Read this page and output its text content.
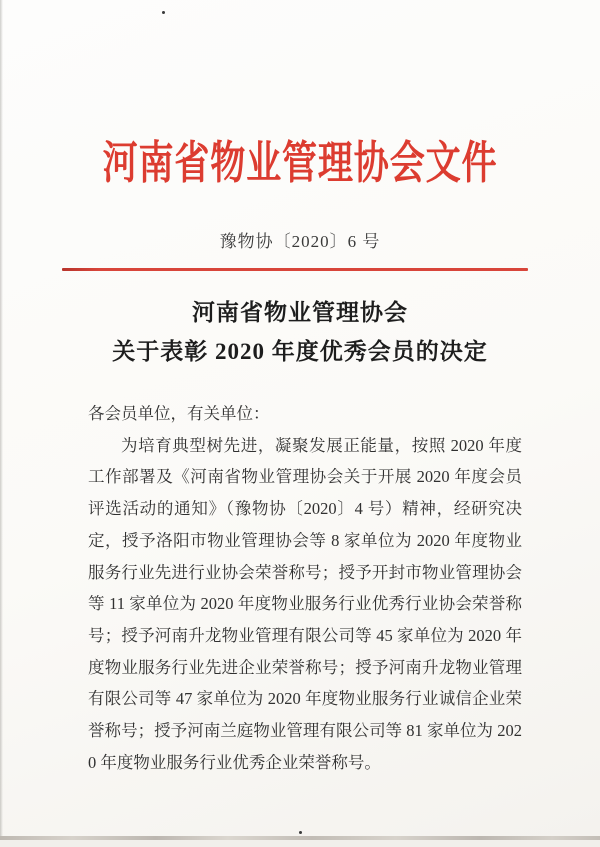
河南省物业管理协会文件
豫物协〔2020〕6 号
河南省物业管理协会
关于表彰 2020 年度优秀会员的决定

各会员单位，有关单位：

为培育典型树先进，凝聚发展正能量，按照 2020 年度工作部署及《河南省物业管理协会关于开展 2020 年度会员评选活动的通知》（豫物协〔2020〕4 号）精神，经研究决定，授予洛阳市物业管理协会等 8 家单位为 2020 年度物业服务行业先进行业协会荣誉称号；授予开封市物业管理协会等 11 家单位为 2020 年度物业服务行业优秀行业协会荣誉称号；授予河南升龙物业管理有限公司等 45 家单位为 2020 年度物业服务行业先进企业荣誉称号；授予河南升龙物业管理有限公司等 47 家单位为 2020 年度物业服务行业诚信企业荣誉称号；授予河南兰庭物业管理有限公司等 81 家单位为 2020 年度物业服务行业优秀企业荣誉称号。
